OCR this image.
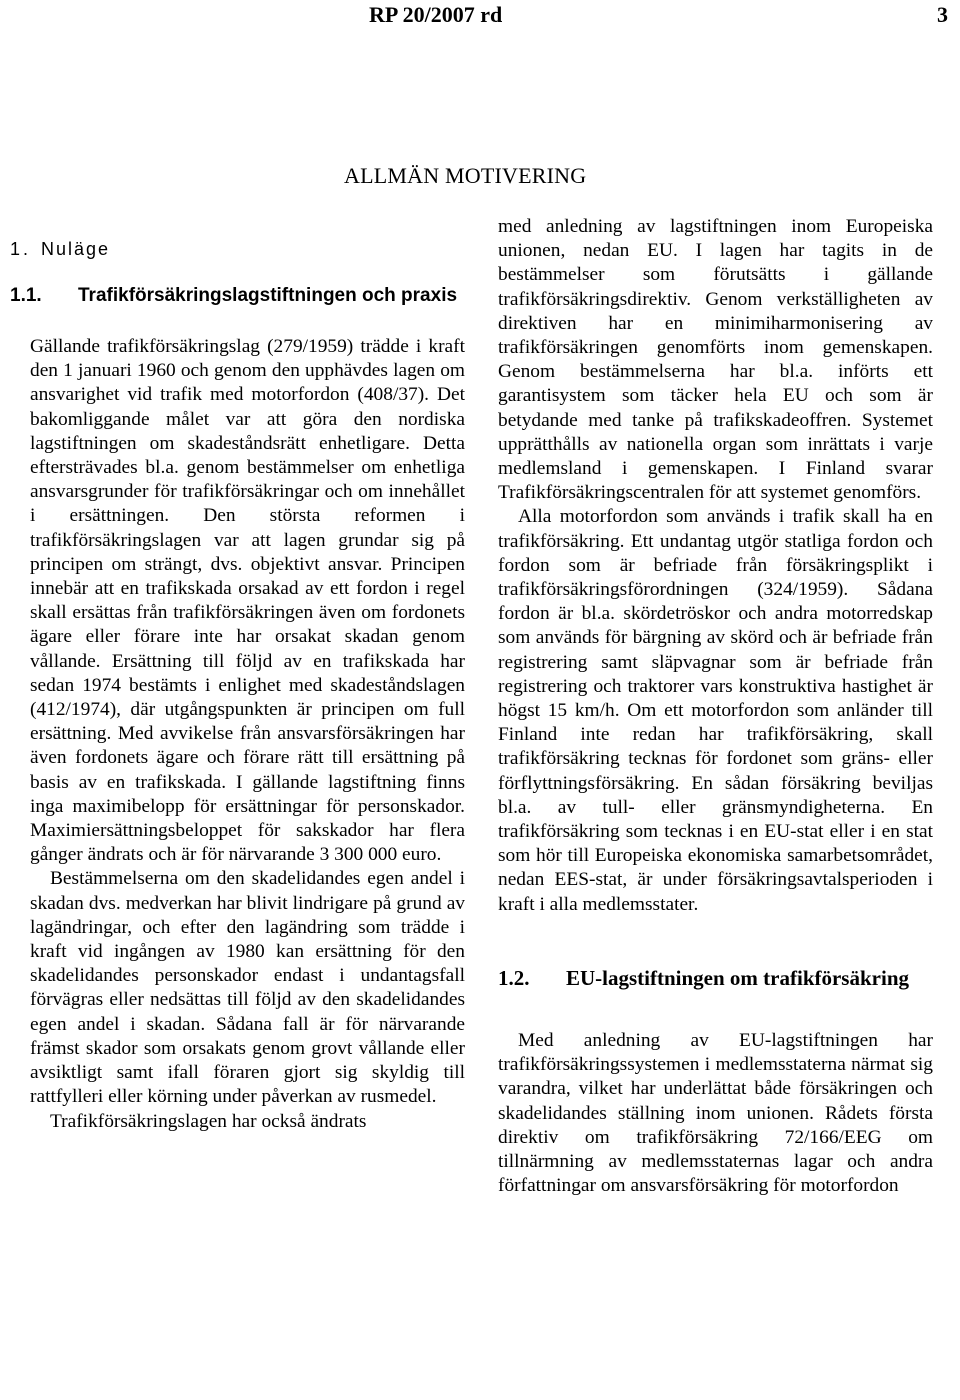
RP 20/2007 rd	3
ALLMÄN MOTIVERING
1. Nuläge
1.1.	Trafikförsäkringslagstiftningen och praxis

Gällande trafikförsäkringslag (279/1959) trädde i kraft den 1 januari 1960 och genom den upphävdes lagen om ansvarighet vid trafik med motorfordon (408/37). Det bakomliggande målet var att göra den nordiska lagstiftningen om skadeståndsrätt enhetligare. Detta eftersträvades bl.a. genom bestämmelser om enhetliga ansvarsgrunder för trafikförsäkringar och om innehållet i ersättningen. Den största reformen i trafikförsäkringslagen var att lagen grundar sig på principen om strängt, dvs. objektivt ansvar. Principen innebär att en trafikskada orsakad av ett fordon i regel skall ersättas från trafikförsäkringen även om fordonets ägare eller förare inte har orsakat skadan genom vållande. Ersättning till följd av en trafikskada har sedan 1974 bestämts i enlighet med skadeståndslagen (412/1974), där utgångspunkten är principen om full ersättning. Med avvikelse från ansvarsförsäkringen har även fordonets ägare och förare rätt till ersättning på basis av en trafikskada. I gällande lagstiftning finns inga maximibelopp för ersättningar för personskador. Maximiersättningsbeloppet för sakskador har flera gånger ändrats och är för närvarande 3 300 000 euro.

Bestämmelserna om den skadelidandes egen andel i skadan dvs. medverkan har blivit lindrigare på grund av lagändringar, och efter den lagändring som trädde i kraft vid ingången av 1980 kan ersättning för den skadelidandes personskador endast i undantagsfall förvägras eller nedsättas till följd av den skadelidandes egen andel i skadan. Sådana fall är för närvarande främst skador som orsakats genom grovt vållande eller avsiktligt samt ifall föraren gjort sig skyldig till rattfylleri eller körning under påverkan av rusmedel.

Trafikförsäkringslagen har också ändrats

med anledning av lagstiftningen inom Europeiska unionen, nedan EU. I lagen har tagits in de bestämmelser som förutsätts i gällande trafikförsäkringsdirektiv. Genom verkställigheten av direktiven har en minimiharmonisering av trafikförsäkringen genomförts inom gemenskapen. Genom bestämmelserna har bl.a. införts ett garantisystem som täcker hela EU och som är betydande med tanke på trafikskadeoffren. Systemet upprätthålls av nationella organ som inrättats i varje medlemsland i gemenskapen. I Finland svarar Trafikförsäkringscentralen för att systemet genomförs.

Alla motorfordon som används i trafik skall ha en trafikförsäkring. Ett undantag utgör statliga fordon och fordon som är befriade från försäkringsplikt i trafikförsäkringsförordningen (324/1959). Sådana fordon är bl.a. skördetröskor och andra motorredskap som används för bärgning av skörd och är befriade från registrering samt släpvagnar som är befriade från registrering och traktorer vars konstruktiva hastighet är högst 15 km/h. Om ett motorfordon som anländer till Finland inte redan har trafikförsäkring, skall trafikförsäkring tecknas för fordonet som gräns- eller förflyttningsförsäkring. En sådan försäkring beviljas bl.a. av tull- eller gränsmyndigheterna. En trafikförsäkring som tecknas i en EU-stat eller i en stat som hör till Europeiska ekonomiska samarbetsområdet, nedan EES-stat, är under försäkringsavtalsperioden i kraft i alla medlemsstater.

1.2.	EU-lagstiftningen om trafikförsäkring

Med anledning av EU-lagstiftningen har trafikförsäkringssystemen i medlemsstaterna närmat sig varandra, vilket har underlättat både försäkringen och skadelidandes ställning inom unionen. Rådets första direktiv om trafikförsäkring 72/166/EEG om tillnärmning av medlemsstaternas lagar och andra författningar om ansvarsförsäkring för motorfordon
